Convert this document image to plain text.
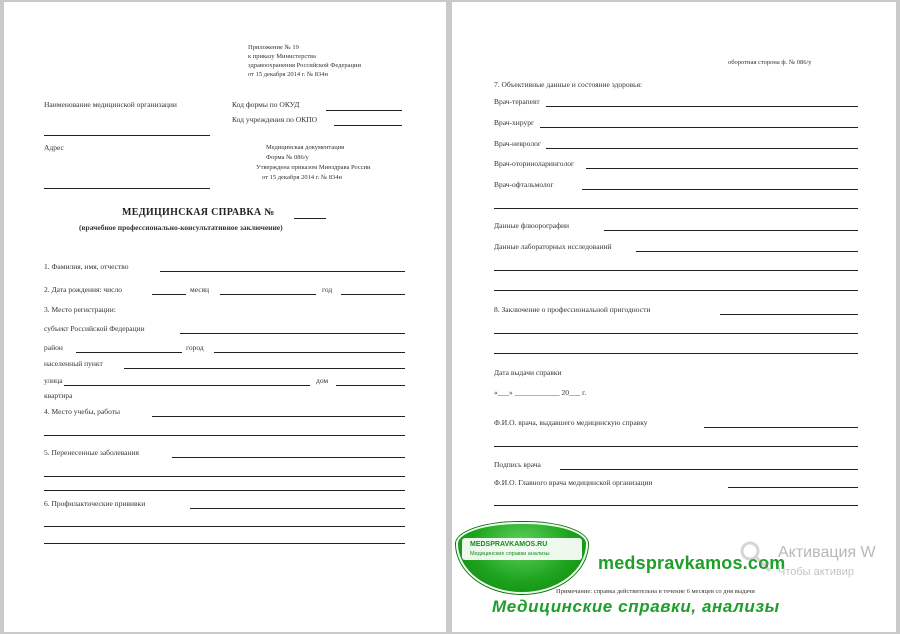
Приложение № 19
к приказу Министерства
здравоохранения Российской Федерации
от 15 декабря 2014 г. № 834н
Наименование медицинской организации	Код формы по ОКУД
Код учреждения по ОКПО
Адрес	Медицинская документация
Форма № 086/у
Утверждена приказом Минздрава России
от 15 декабря 2014 г. № 834н
МЕДИЦИНСКАЯ СПРАВКА №
(врачебное профессионально-консультативное заключение)
1. Фамилия, имя, отчество
2. Дата рождения: число	месяц	год
3. Место регистрации:
субъект Российской Федерации
район	город
населенный пункт
улица	дом
квартира
4. Место учебы, работы
5. Перенесенные заболевания
6. Профилактические прививки
оборотная сторона ф. № 086/у
7. Объективные данные и состояние здоровья:
Врач-терапевт
Врач-хирург
Врач-невролог
Врач-оториноларинголог
Врач-офтальмолог
Данные флюорографии
Данные лабораторных исследований
8. Заключение о профессиональной пригодности
Дата выдачи справки
«___» ____________ 20___ г.
Ф.И.О. врача, выдавшего медицинскую справку
Подпись врача
Ф.И.О. Главного врача медицинской организации
Примечание: справка действительна в течение 6 месяцев со дня выдачи
MEDSPRAVKAMOS.RU
Медицинские справки анализы	medspravkamos.com
Медицинские справки, анализы
Активация W
Чтобы активир
